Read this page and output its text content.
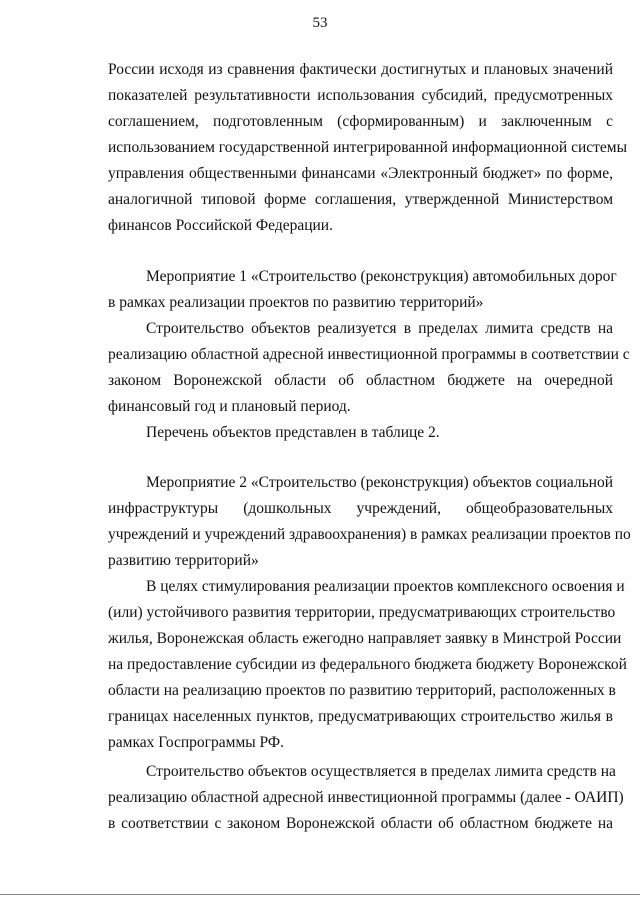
53
России исходя из сравнения фактически достигнутых и плановых значений
показателей результативности использования субсидий, предусмотренных
соглашением, подготовленным (сформированным) и заключенным с
использованием государственной интегрированной информационной системы
управления общественными финансами «Электронный бюджет» по форме,
аналогичной типовой форме соглашения, утвержденной Министерством
финансов Российской Федерации.
Мероприятие 1 «Строительство (реконструкция) автомобильных дорог
в рамках реализации проектов по развитию территорий»
Строительство объектов реализуется в пределах лимита средств на
реализацию областной адресной инвестиционной программы в соответствии с
законом Воронежской области об областном бюджете на очередной
финансовый год и плановый период.
Перечень объектов представлен в таблице 2.
Мероприятие 2 «Строительство (реконструкция) объектов социальной
инфраструктуры (дошкольных учреждений, общеобразовательных
учреждений и учреждений здравоохранения) в рамках реализации проектов по
развитию территорий»
В целях стимулирования реализации проектов комплексного освоения и
(или) устойчивого развития территории, предусматривающих строительство
жилья, Воронежская область ежегодно направляет заявку в Минстрой России
на предоставление субсидии из федерального бюджета бюджету Воронежской
области на реализацию проектов по развитию территорий, расположенных в
границах населенных пунктов, предусматривающих строительство жилья в
рамках Госпрограммы РФ.
Строительство объектов осуществляется в пределах лимита средств на
реализацию областной адресной инвестиционной программы (далее - ОАИП)
в соответствии с законом Воронежской области об областном бюджете на
